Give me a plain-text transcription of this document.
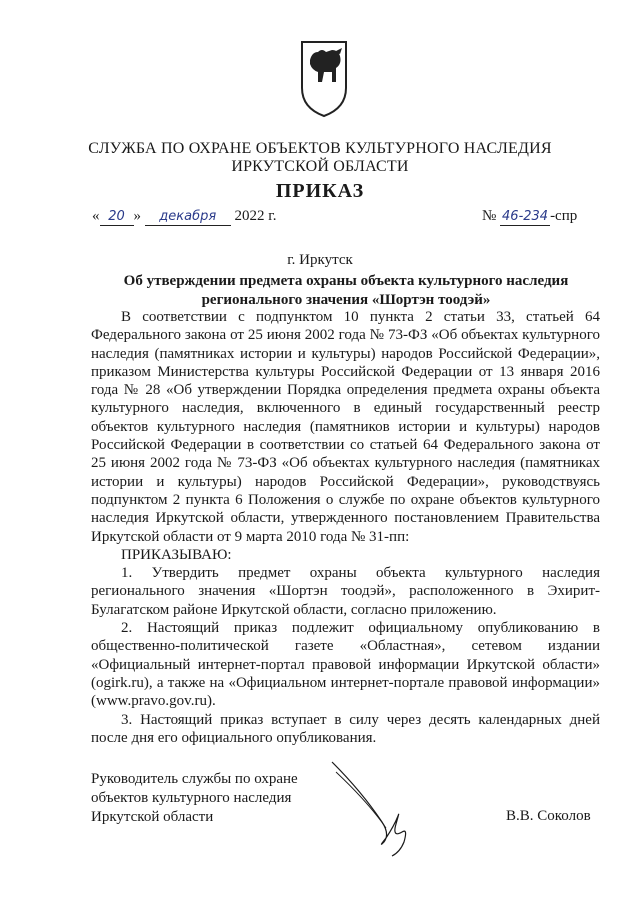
СЛУЖБА ПО ОХРАНЕ ОБЪЕКТОВ КУЛЬТУРНОГО НАСЛЕДИЯ
ИРКУТСКОЙ ОБЛАСТИ
ПРИКАЗ
« 20 » декабря 2022 г.	№ 46-234 -спр
г. Иркутск
Об утверждении предмета охраны объекта культурного наследия
регионального значения «Шортэн тоодэй»

В соответствии с подпунктом 10 пункта 2 статьи 33, статьей 64 Федерального закона от 25 июня 2002 года № 73-ФЗ «Об объектах культурного наследия (памятниках истории и культуры) народов Российской Федерации», приказом Министерства культуры Российской Федерации от 13 января 2016 года № 28 «Об утверждении Порядка определения предмета охраны объекта культурного наследия, включенного в единый государственный реестр объектов культурного наследия (памятников истории и культуры) народов Российской Федерации в соответствии со статьей 64 Федерального закона от 25 июня 2002 года № 73-ФЗ «Об объектах культурного наследия (памятниках истории и культуры) народов Российской Федерации», руководствуясь подпунктом 2 пункта 6 Положения о службе по охране объектов культурного наследия Иркутской области, утвержденного постановлением Правительства Иркутской области от 9 марта 2010 года № 31-пп:

ПРИКАЗЫВАЮ:

1. Утвердить предмет охраны объекта культурного наследия регионального значения «Шортэн тоодэй», расположенного в Эхирит-Булагатском районе Иркутской области, согласно приложению.

2. Настоящий приказ подлежит официальному опубликованию в общественно-политической газете «Областная», сетевом издании «Официальный интернет-портал правовой информации Иркутской области» (ogirk.ru), а также на «Официальном интернет-портале правовой информации» (www.pravo.gov.ru).

3. Настоящий приказ вступает в силу через десять календарных дней после дня его официального опубликования.

Руководитель службы по охране
объектов культурного наследия
Иркутской области	В.В. Соколов
